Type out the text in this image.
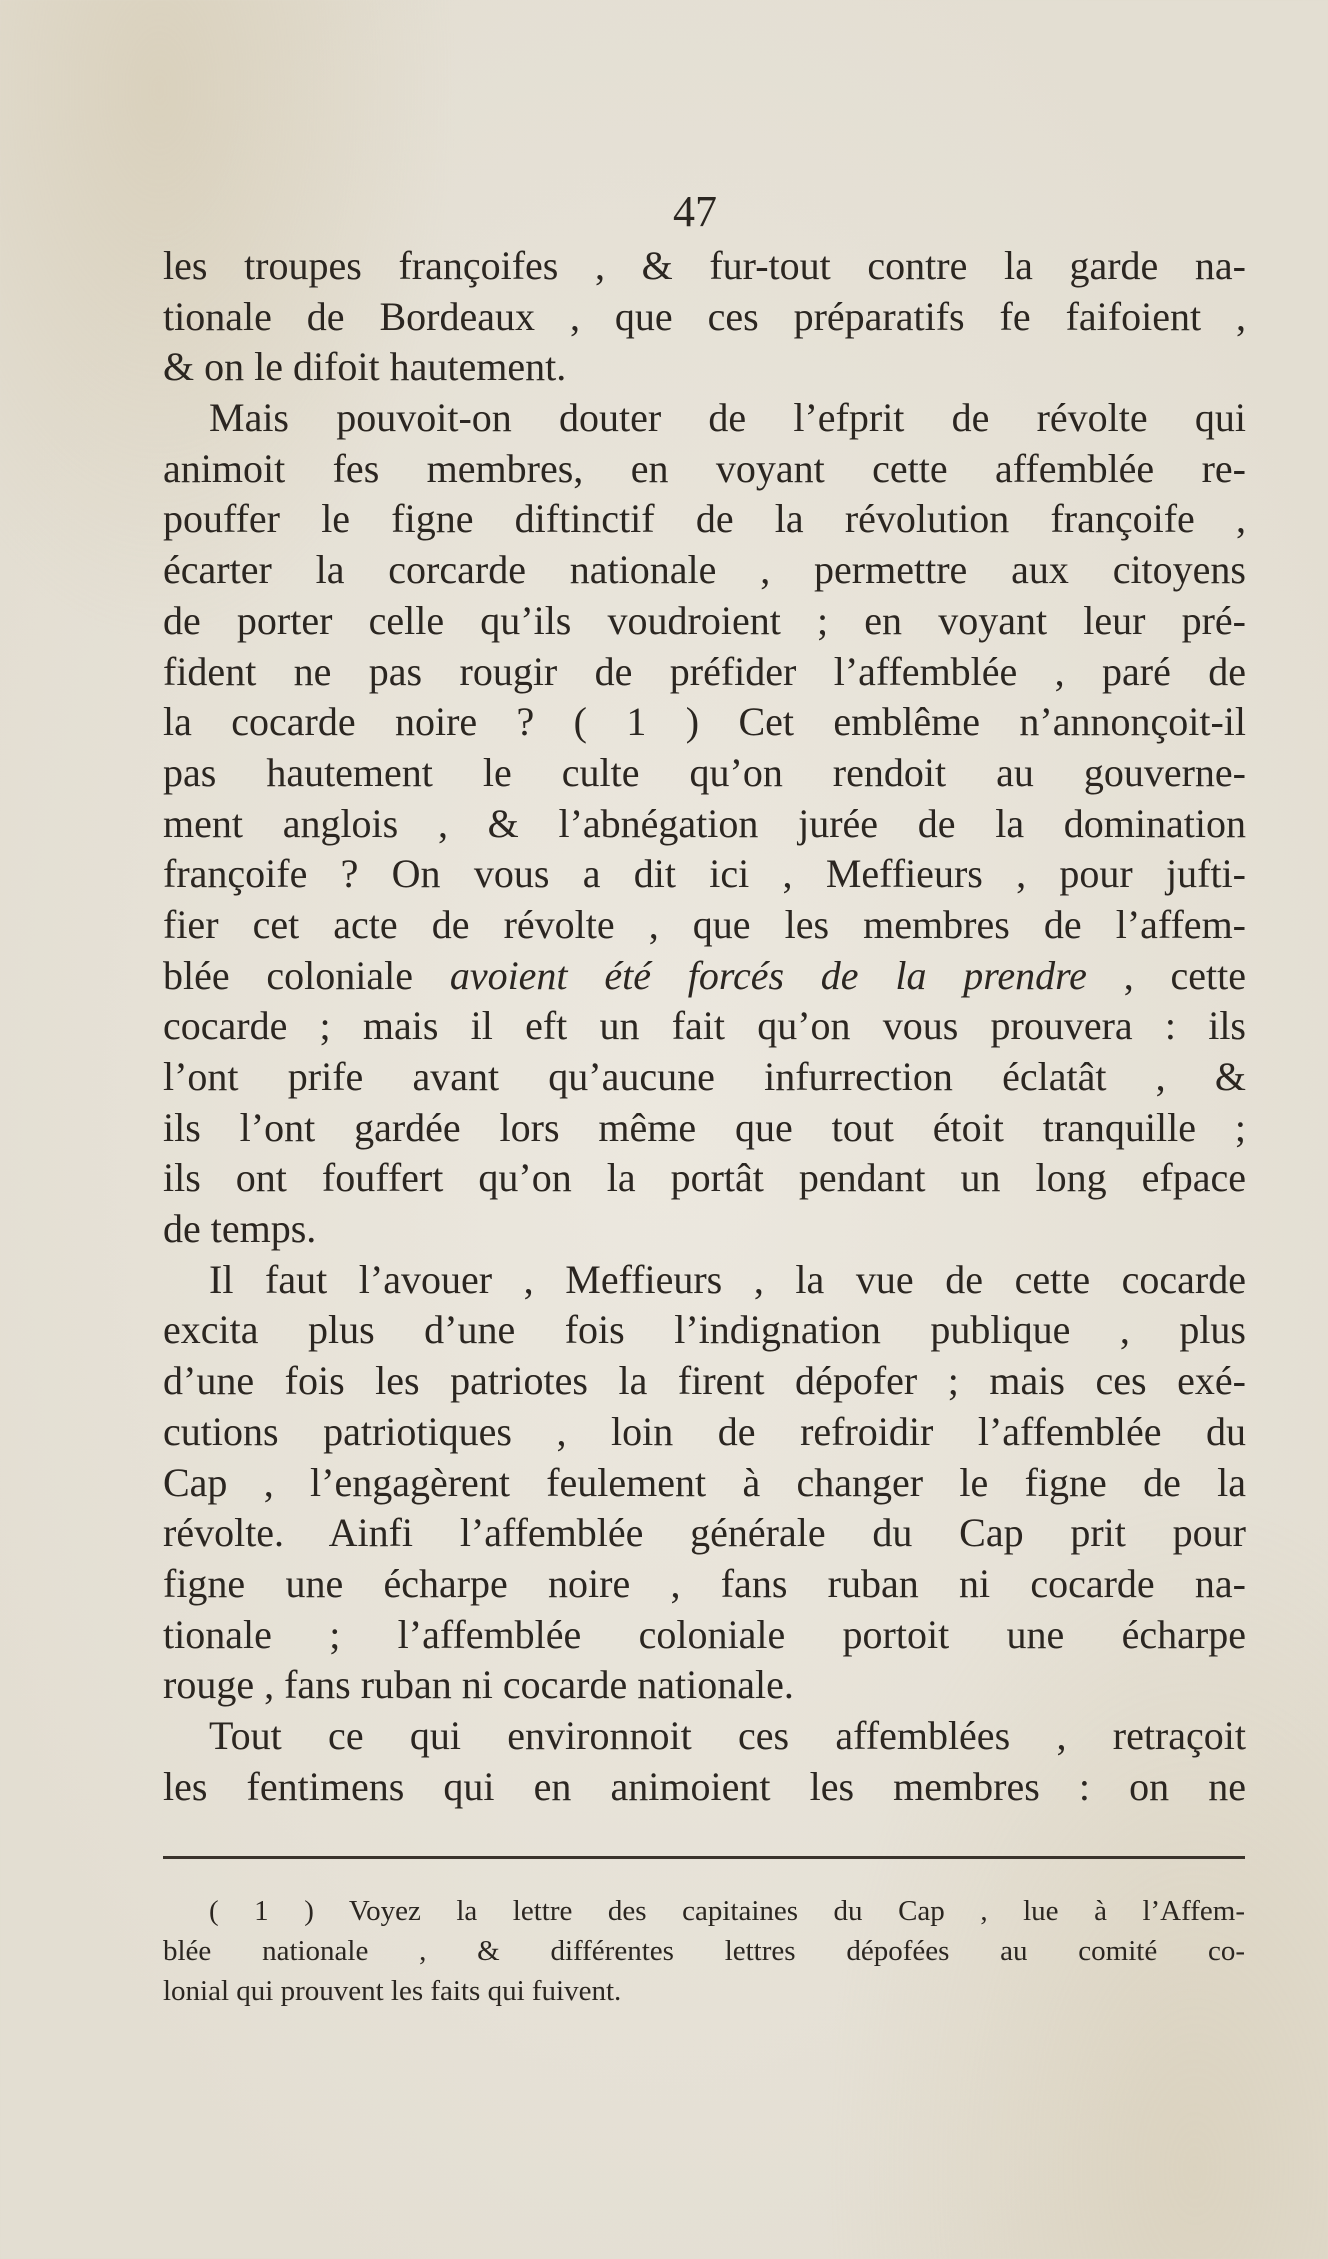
47
les troupes françoifes , & fur-tout contre la garde na-
tionale de Bordeaux , que ces préparatifs fe faifoient ,
& on le difoit hautement.
Mais pouvoit-on douter de l’efprit de révolte qui
animoit fes membres, en voyant cette affemblée re-
pouffer le figne diftinctif de la révolution françoife ,
écarter la corcarde nationale , permettre aux citoyens
de porter celle qu’ils voudroient ; en voyant leur pré-
fident ne pas rougir de préfider l’affemblée , paré de
la cocarde noire ? ( 1 ) Cet emblême n’annonçoit-il
pas hautement le culte qu’on rendoit au gouverne-
ment anglois , & l’abnégation jurée de la domination
françoife ? On vous a dit ici , Meffieurs , pour jufti-
fier cet acte de révolte , que les membres de l’affem-
blée coloniale avoient été forcés de la prendre , cette
cocarde ; mais il eft un fait qu’on vous prouvera : ils
l’ont prife avant qu’aucune infurrection éclatât , &
ils l’ont gardée lors même que tout étoit tranquille ;
ils ont fouffert qu’on la portât pendant un long efpace
de temps.
Il faut l’avouer , Meffieurs , la vue de cette cocarde
excita plus d’une fois l’indignation publique , plus
d’une fois les patriotes la firent dépofer ; mais ces exé-
cutions patriotiques , loin de refroidir l’affemblée du
Cap , l’engagèrent feulement à changer le figne de la
révolte. Ainfi l’affemblée générale du Cap prit pour
figne une écharpe noire , fans ruban ni cocarde na-
tionale ; l’affemblée coloniale portoit une écharpe
rouge , fans ruban ni cocarde nationale.
Tout ce qui environnoit ces affemblées , retraçoit
les fentimens qui en animoient les membres : on ne
( 1 ) Voyez la lettre des capitaines du Cap , lue à l’Affem-
blée nationale , & différentes lettres dépofées au comité co-
lonial qui prouvent les faits qui fuivent.
